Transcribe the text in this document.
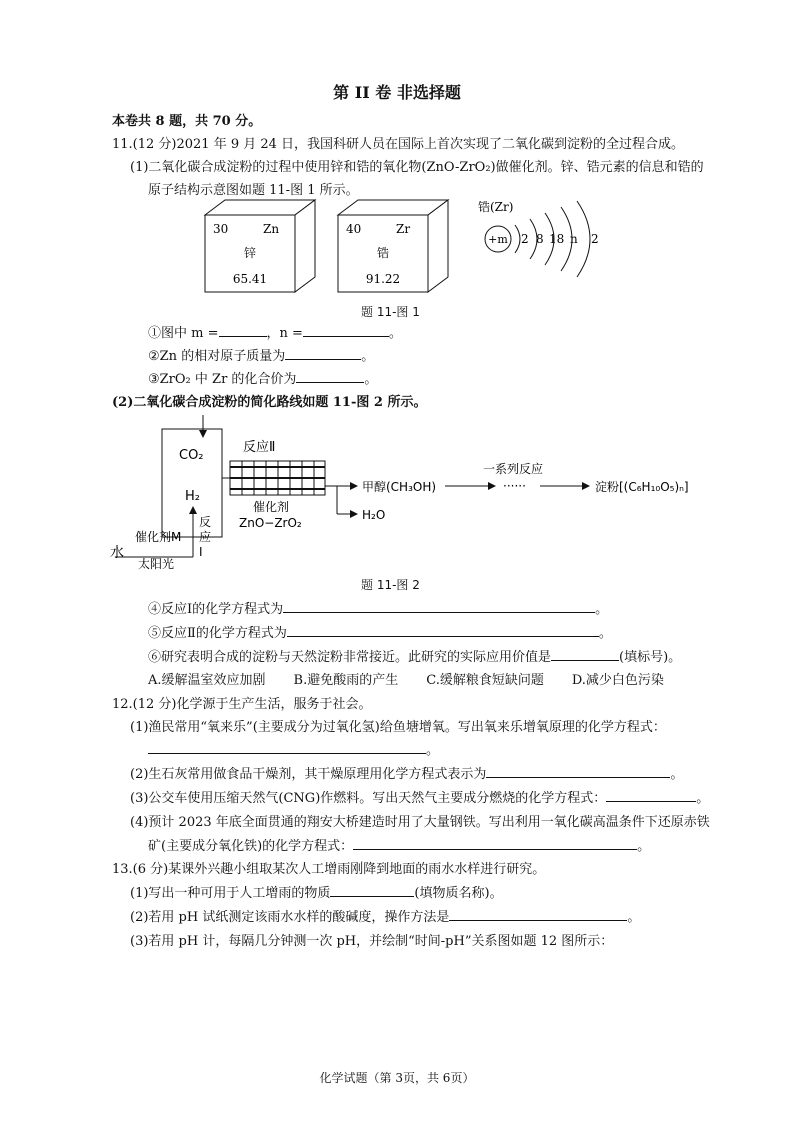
第 II 卷 非选择题
本卷共 8 题，共 70 分。
11.(12 分)2021 年 9 月 24 日，我国科研人员在国际上首次实现了二氧化碳到淀粉的全过程合成。
(1)二氧化碳合成淀粉的过程中使用锌和锆的氧化物(ZnO-ZrO₂)做催化剂。锌、锆元素的信息和锆的
原子结构示意图如题 11-图 1 所示。
30	Zn
锌
65.41
40	Zr
锆
91.22
锆(Zr)
+m 2 8 18 n 2
题 11-图 1
①图中 m =	，n =	。
②Zn 的相对原子质量为	。
③ZrO₂ 中 Zr 的化合价为	。
(2)二氧化碳合成淀粉的简化路线如题 11-图 2 所示。
CO₂
H₂
水
催化剂M
太阳光
反
应
Ⅰ
反应Ⅱ
催化剂
ZnO−ZrO₂
甲醇(CH₃OH)
H₂O
······
一系列反应
淀粉[(C₆H₁₀O₅)ₙ]
题 11-图 2
④反应Ⅰ的化学方程式为	。
⑤反应Ⅱ的化学方程式为	。
⑥研究表明合成的淀粉与天然淀粉非常接近。此研究的实际应用价值是	(填标号)。
A.缓解温室效应加剧 B.避免酸雨的产生 C.缓解粮食短缺问题 D.减少白色污染
12.(12 分)化学源于生产生活，服务于社会。
(1)渔民常用“氧来乐”(主要成分为过氧化氢)给鱼塘增氧。写出氧来乐增氧原理的化学方程式：
。
(2)生石灰常用做食品干燥剂，其干燥原理用化学方程式表示为	。
(3)公交车使用压缩天然气(CNG)作燃料。写出天然气主要成分燃烧的化学方程式：	。
(4)预计 2023 年底全面贯通的翔安大桥建造时用了大量钢铁。写出利用一氧化碳高温条件下还原赤铁
矿(主要成分氧化铁)的化学方程式：	。
13.(6 分)某课外兴趣小组取某次人工增雨刚降到地面的雨水水样进行研究。
(1)写出一种可用于人工增雨的物质	(填物质名称)。
(2)若用 pH 试纸测定该雨水水样的酸碱度，操作方法是	。
(3)若用 pH 计，每隔几分钟测一次 pH，并绘制“时间-pH”关系图如题 12 图所示：
化学试题（第 3页，共 6页）
